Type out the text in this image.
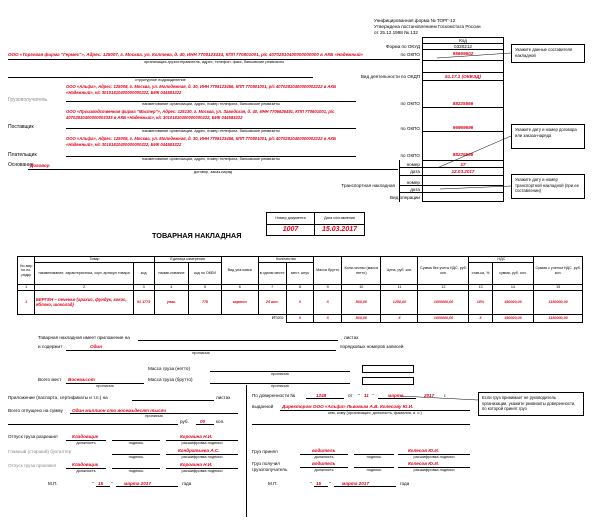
Унифицированная форма № ТОРГ-12
Утверждена постановлением Госкомстата России
от 25.12.1998 № 132
Код
Форма по ОКУД	0330212
по ОКПО	95669602
Вид деятельности по ОКДП	51.17.1 (ОКВЭД)
по ОКПО	88225566
по ОКПО	96969696
по ОКПО	88225566
номер	17
дата	12.03.2017
номер
дата
Вид операции
ООО «Торговая фирма "Гермес"», Адрес: 125007, г. Москва, ул. Колтева, д. 40, ИНН 7708123434, КПП 770801001, р/с 40702810400000000000 в АКБ «Надежный»
организация-грузоотправитель, адрес, телефон, факс, банковские реквизиты
структурное подразделение
Грузополучатель
ООО «Альфа», Адрес: 125008, г. Москва, ул. Молодежная, д. 30, ИНН 7708123456, КПП 770801001, р/с 40702810400000002222 в АКБ «Надежный», к/с 30101810400000000222, БИК 044583222
наименование организации, адрес, номер телефона, банковские реквизиты
Поставщик
ООО «Производственная фирма "Мастер"», Адрес: 125130, г. Москва, ул. Заводская, д. 40, ИНН 7706626491, КПП 770601001, р/с 40702810400000003333 в АКБ «Надежный», к/с 30101810400000000222, БИК 044583222
наименование организации, адрес, номер телефона, банковские реквизиты
Плательщик
ООО «Альфа», Адрес: 125008, г. Москва, ул. Молодежная, д. 30, ИНН 7708123456, КПП 770801001, р/с 40702810400000002222 в АКБ «Надежный», к/с 30101810400000000222, БИК 044583222
наименование организации, адрес, номер телефона, банковские реквизиты
Основание
Договор
договор, заказ-наряд
Транспортная накладная
Укажите данные составителя накладной
Укажите дату и номер договора или заказа-наряда
Укажите дату и номер транспортной накладной (при ее составлении)
ТОВАРНАЯ НАКЛАДНАЯ
Номер документа	Дата составления
1007	15.03.2017
Но-мер по по-рядку	Товар		Единица измерения		Вид упа-ковки	Количество		Масса брутто	Коли-чество (масса нетто)	Цена, руб. коп.	Сумма без учета НДС, руб. коп.	НДС		Сумма с учетом НДС, руб. коп.
	наименование, характеристика, сорт, артикул товара	код	наиме-нование	код по ОКЕИ		в одном месте	мест, штук					став-ка, %	сумма, руб. коп.	
1	2	3	4	5	6	7	8	9	10	11	12	13	14	15
1	БЕРГЕН – печенье (арахис, фундук, кокос, яблоко, шоколад)	91 1773	упак.	778	картон	24 шт.	X	X	800,00	1250,00	1000000,00	18%	180000,00	1180000,00
Итого							X	X	800,00	X	1000000,00	X	180000,00	1180000,00
Товарная накладная имеет приложение на	листах
и содержит	Один
прописью
порядковых номеров записей
Масса груза (нетто)
прописью
Всего мест Восемьсот
прописью
Масса груза (брутто)
прописью
Приложение (паспорта, сертификаты и т.п.) на	листах
Всего отпущено на сумму Один миллион сто восемьдесят тысяч
прописью
руб. 00 коп.
Отпуск груза разрешил	Кладовщик	Коровина Н.И.
должность	подпись	расшифровка подписи
Главный (старший) бухгалтер	Кондратьева А.С.
подпись	расшифровка подписи
Отпуск груза произвел	Кладовщик	Коровина Н.И.
должность	подпись	расшифровка подписи
М.П.	" 15 " марта 2017	года
По доверенности №	1248	от " 11 "	марта	2017 г.
выданной Директором ООО «Альфа» Львовым А.В. Колесову Ю.И.
кем, кому (организация, должность, фамилия, и. о.)
Если груз принимает не руководитель организации, укажите реквизиты доверенности, по которой принят груз
Груз принял	водитель	Колесов Ю.И.
должность	подпись	расшифровка подписи
Груз получил грузополучатель
водитель	Колесов Ю.И.
должность	подпись	расшифровка подписи
М.П.	" 15 " марта 2017	года
